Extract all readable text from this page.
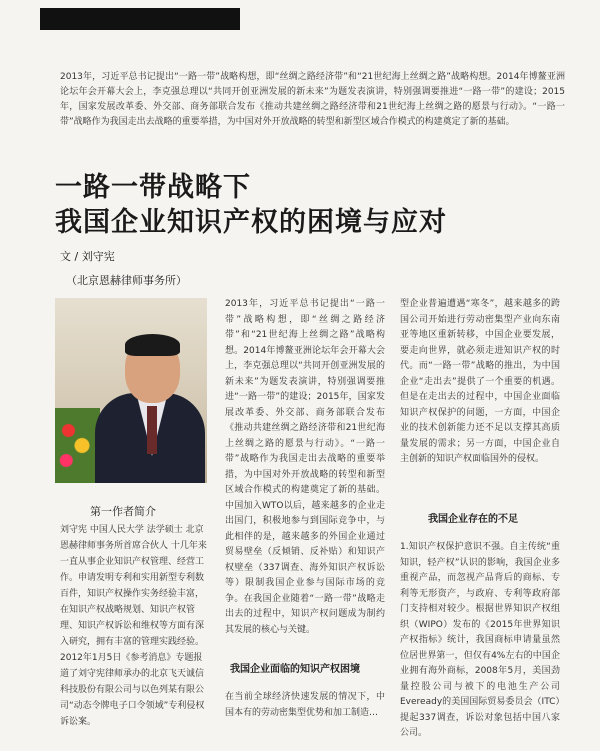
2013年，习近平总书记提出“一路一带”战略构想，即“丝绸之路经济带”和“21世纪海上丝绸之路”战略构想。2014年博鳌亚洲论坛年会开幕大会上，李克强总理以“共同开创亚洲发展的新未来”为题发表演讲，特别强调要推进“一路一带”的建设；2015年，国家发展改革委、外交部、商务部联合发布《推动共建丝绸之路经济带和21世纪海上丝绸之路的愿景与行动》。“一路一带”战略作为我国走出去战略的重要举措，为中国对外开放战略的转型和新型区域合作模式的构建奠定了新的基础。
一路一带战略下
我国企业知识产权的困境与应对
文 / 刘守宪
（北京恩赫律师事务所）
第一作者简介
刘守宪 中国人民大学 法学硕士 北京恩赫律师事务所首席合伙人 十几年来一直从事企业知识产权管理、经营工作。申请发明专利和实用新型专利数百件，知识产权操作实务经验丰富，在知识产权战略规划、知识产权管理、知识产权诉讼和维权等方面有深入研究，拥有丰富的管理实践经验。2012年1月5日《参考消息》专题报道了刘守宪律师承办的北京飞天诚信科技股份有限公司与以色列某有限公司“动态令牌电子口令领域”专利侵权诉讼案。
2013年，习近平总书记提出“一路一带”战略构想，即“丝绸之路经济带”和“21世纪海上丝绸之路”战略构想。2014年博鳌亚洲论坛年会开幕大会上，李克强总理以“共同开创亚洲发展的新未来”为题发表演讲，特别强调要推进“一路一带”的建设；2015年，国家发展改革委、外交部、商务部联合发布《推动共建丝绸之路经济带和21世纪海上丝绸之路的愿景与行动》。“一路一带”战略作为我国走出去战略的重要举措，为中国对外开放战略的转型和新型区域合作模式的构建奠定了新的基础。中国加入WTO以后，越来越多的企业走出国门，积极地参与到国际竞争中，与此相伴的是，越来越多的外国企业通过贸易壁垒（反倾销、反补贴）和知识产权壁垒（337调查、海外知识产权诉讼等）限制我国企业参与国际市场的竞争。在我国企业随着“一路一带”战略走出去的过程中，知识产权问题成为制约其发展的核心与关键。
我国企业面临的知识产权困境
在当前全球经济快速发展的情况下，中国本有的劳动密集型优势和加工制造…
型企业普遍遭遇“寒冬”，越来越多的跨国公司开始进行劳动密集型产业向东南亚等地区重新转移，中国企业要发展，要走向世界，就必须走进知识产权的时代。而“一路一带”战略的推出，为中国企业“走出去”提供了一个重要的机遇。但是在走出去的过程中，中国企业面临知识产权保护的问题，一方面，中国企业的技术创新能力还不足以支撑其高质量发展的需求；另一方面，中国企业自主创新的知识产权面临国外的侵权。
我国企业存在的不足
1.知识产权保护意识不强。自主传统“重知识，轻产权”认识的影响，我国企业多重视产品，而忽视产品背后的商标、专利等无形资产，与政府、专利等政府部门支持相对较少。根据世界知识产权组织（WIPO）发布的《2015年世界知识产权指标》统计，我国商标申请量虽然位居世界第一，但仅有4%左右的中国企业拥有海外商标，2008年5月，美国劲量控股公司与被下的电池生产公司Eveready的美国国际贸易委员会（ITC）提起337调查，诉讼对象包括中国八家公司。
